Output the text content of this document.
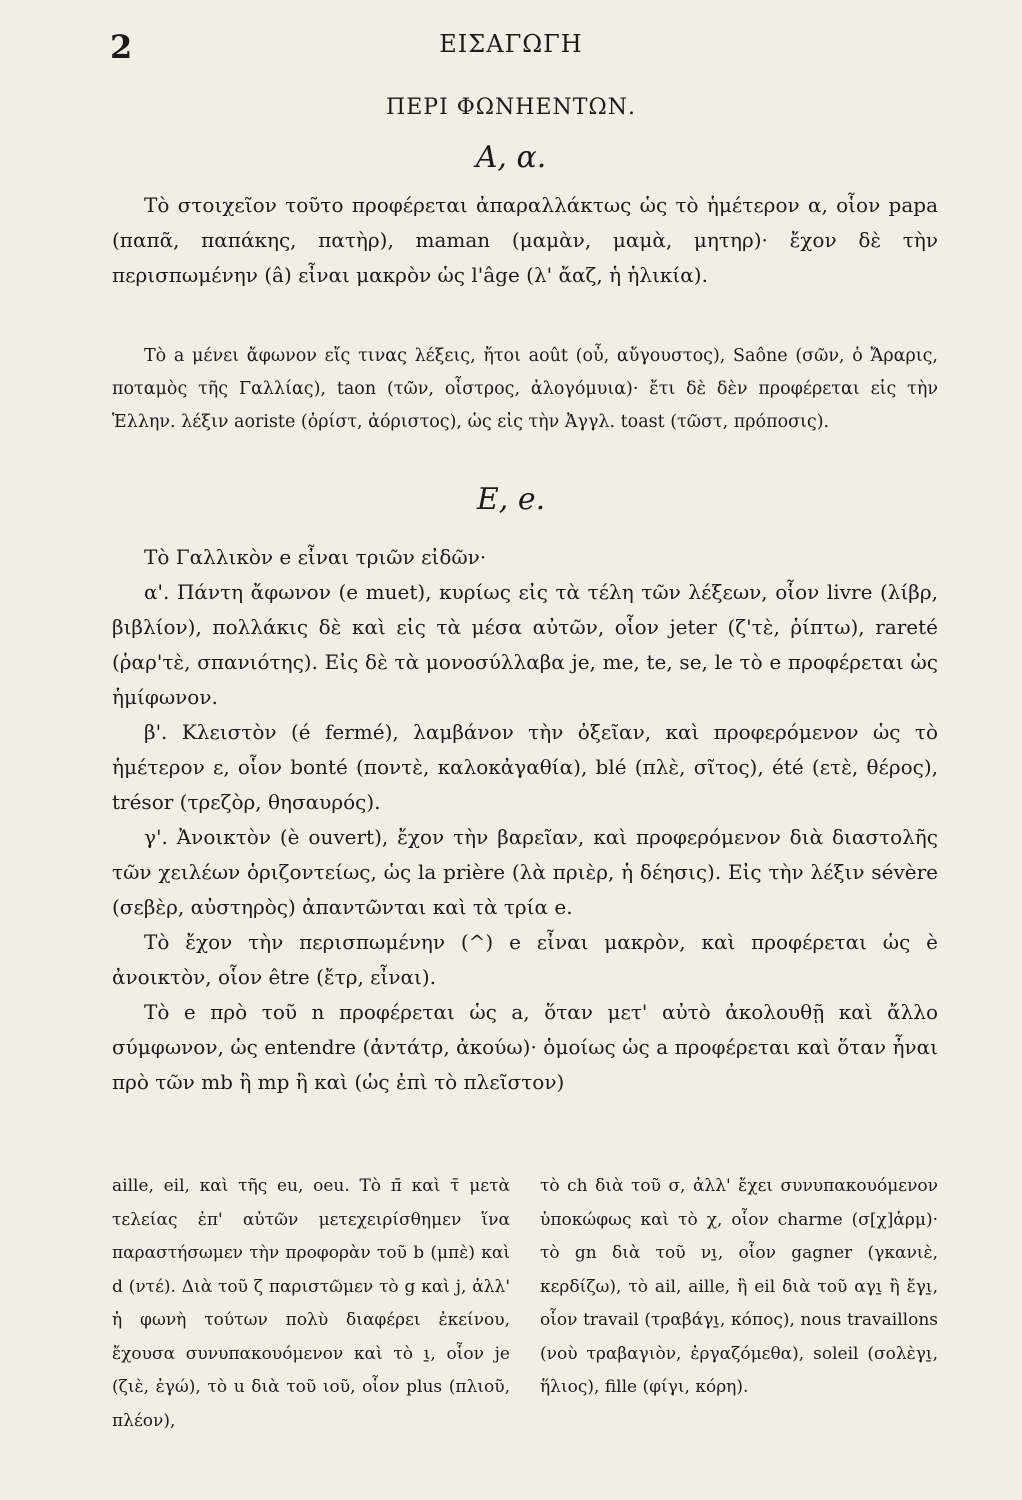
2	ΕΙΣΑΓΩΓΗ
ΠΕΡΙ ΦΩΝΗΕΝΤΩΝ.
Α, α.

Τὸ στοιχεῖον τοῦτο προφέρεται ἀπαραλλάκτως ὡς τὸ ἡμέτερον α, οἷον papa (παπᾶ, παπάκης, πατὴρ), maman (μαμὰν, μαμὰ, μητηρ)· ἔχον δὲ τὴν περισπωμένην (â) εἶναι μακρὸν ὡς l'âge (λ' ἄαζ, ἡ ἡλικία).

Τὸ a μένει ἄφωνον εἴς τινας λέξεις, ἤτοι août (οὖ, αὔγουστος), Saône (σῶν, ὁ Ἄραρις, ποταμὸς τῆς Γαλλίας), taon (τῶν, οἶστρος, ἀλογόμυια)· ἔτι δὲ δὲν προφέρεται εἰς τὴν Ἑλλην. λέξιν aoriste (ὁρίστ, ἀόριστος), ὡς εἰς τὴν Ἀγγλ. toast (τῶστ, πρόποσις).

Ε, e.

Τὸ Γαλλικὸν e εἶναι τριῶν εἰδῶν·

α'. Πάντη ἄφωνον (e muet), κυρίως εἰς τὰ τέλη τῶν λέξεων, οἷον livre (λίβρ, βιβλίον), πολλάκις δὲ καὶ εἰς τὰ μέσα αὐτῶν, οἷον jeter (ζ'τὲ, ῥίπτω), rareté (ῥαρ'τὲ, σπανιότης). Εἰς δὲ τὰ μονοσύλλαβα je, me, te, se, le τὸ e προφέρεται ὡς ἡμίφωνον.

β'. Κλειστὸν (é fermé), λαμβάνον τὴν ὀξεῖαν, καὶ προφερόμενον ὡς τὸ ἡμέτερον ε, οἷον bonté (ποντὲ, καλοκἀγαθία), blé (πλὲ, σῖτος), été (ετὲ, θέρος), trésor (τρεζὸρ, θησαυρός).

γ'. Ἀνοικτὸν (è ouvert), ἔχον τὴν βαρεῖαν, καὶ προφερόμενον διὰ διαστολῆς τῶν χειλέων ὁριζοντείως, ὡς la prière (λὰ πριὲρ, ἡ δέησις). Εἰς τὴν λέξιν sévère (σεβὲρ, αὐστηρὸς) ἀπαντῶνται καὶ τὰ τρία e.

Τὸ ἔχον τὴν περισπωμένην (^) e εἶναι μακρὸν, καὶ προφέρεται ὡς è ἀνοικτὸν, οἷον être (ἔτρ, εἶναι).

Τὸ e πρὸ τοῦ n προφέρεται ὡς a, ὅταν μετ' αὐτὸ ἀκολουθῇ καὶ ἄλλο σύμφωνον, ὡς entendre (ἀντάτρ, ἀκούω)· ὁμοίως ὡς a προφέρεται καὶ ὅταν ἦναι πρὸ τῶν mb ἢ mp ἢ καὶ (ὡς ἐπὶ τὸ πλεῖστον)

aille, eil, καὶ τῆς eu, oeu. Τὸ π̄ καὶ τ̄ μετὰ τελείας ἐπ' αὐτῶν μετεχειρίσθημεν ἵνα παραστήσωμεν τὴν προφορὰν τοῦ b (μπὲ) καὶ d (ντέ). Διὰ τοῦ ζ παριστῶμεν τὸ g καὶ j, ἀλλ' ἡ φωνὴ τούτων πολὺ διαφέρει ἐκείνου, ἔχουσα συνυπακουόμενον καὶ τὸ ι̱, οἷον je (ζιὲ, ἐγώ), τὸ u διὰ τοῦ ιοῦ, οἷον plus (πλιοῦ, πλέον),

τὸ ch διὰ τοῦ σ, ἀλλ' ἔχει συνυπακουόμενον ὑποκώφως καὶ τὸ χ, οἷον charme (σ[χ]ἁρμ)· τὸ gn διὰ τοῦ νι̱, οἷον gagner (γκανιὲ, κερδίζω), τὸ ail, aille, ἢ eil διὰ τοῦ αγι̱ ἢ ἔγι̱, οἷον travail (τραβάγι̱, κόπος), nous travaillons (νοὺ τραβαγιὸν, ἐργαζόμεθα), soleil (σολὲγι̱, ἥλιος), fille (φίγι, κόρη).
